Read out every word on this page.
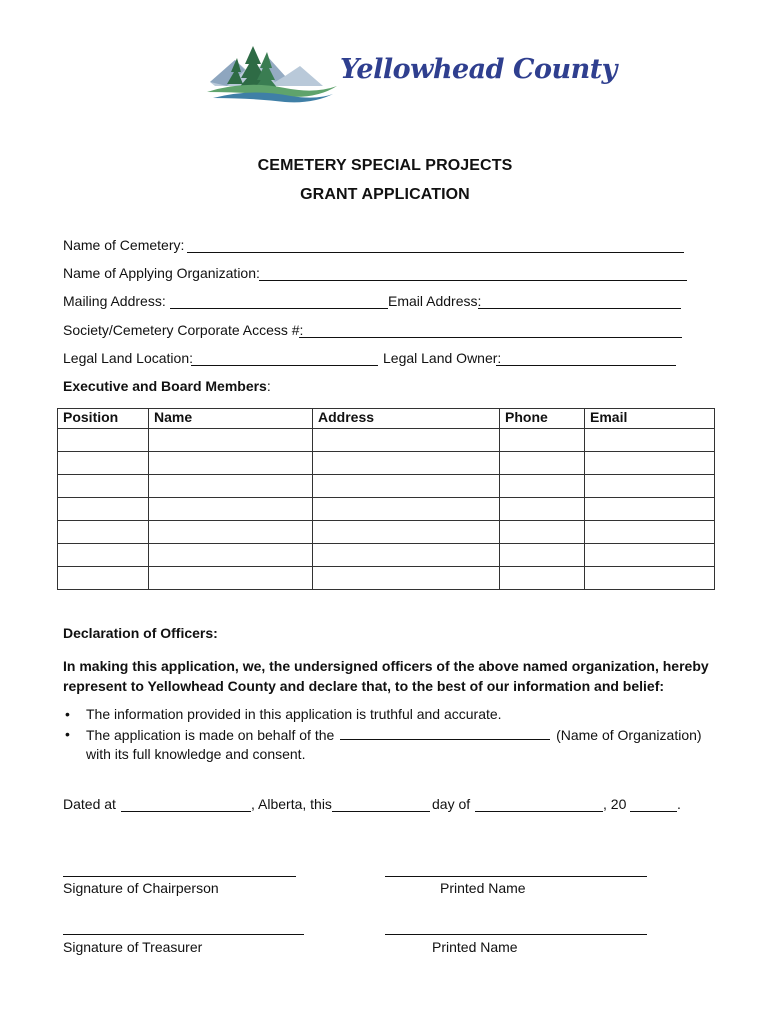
Yellowhead County
CEMETERY SPECIAL PROJECTS
GRANT APPLICATION
Name of Cemetery:
Name of Applying Organization:
Mailing Address:	Email Address:
Society/Cemetery Corporate Access #:
Legal Land Location:	Legal Land Owner:
Executive and Board Members:
Position	Name	Address	Phone	Email

Declaration of Officers:
In making this application, we, the undersigned officers of the above named organization, hereby
represent to Yellowhead County and declare that, to the best of our information and belief:
• The information provided in this application is truthful and accurate.
• The application is made on behalf of the	(Name of Organization)
with its full knowledge and consent.
Dated at	, Alberta, this	day of	, 20	.
Signature of Chairperson	Printed Name
Signature of Treasurer	Printed Name
